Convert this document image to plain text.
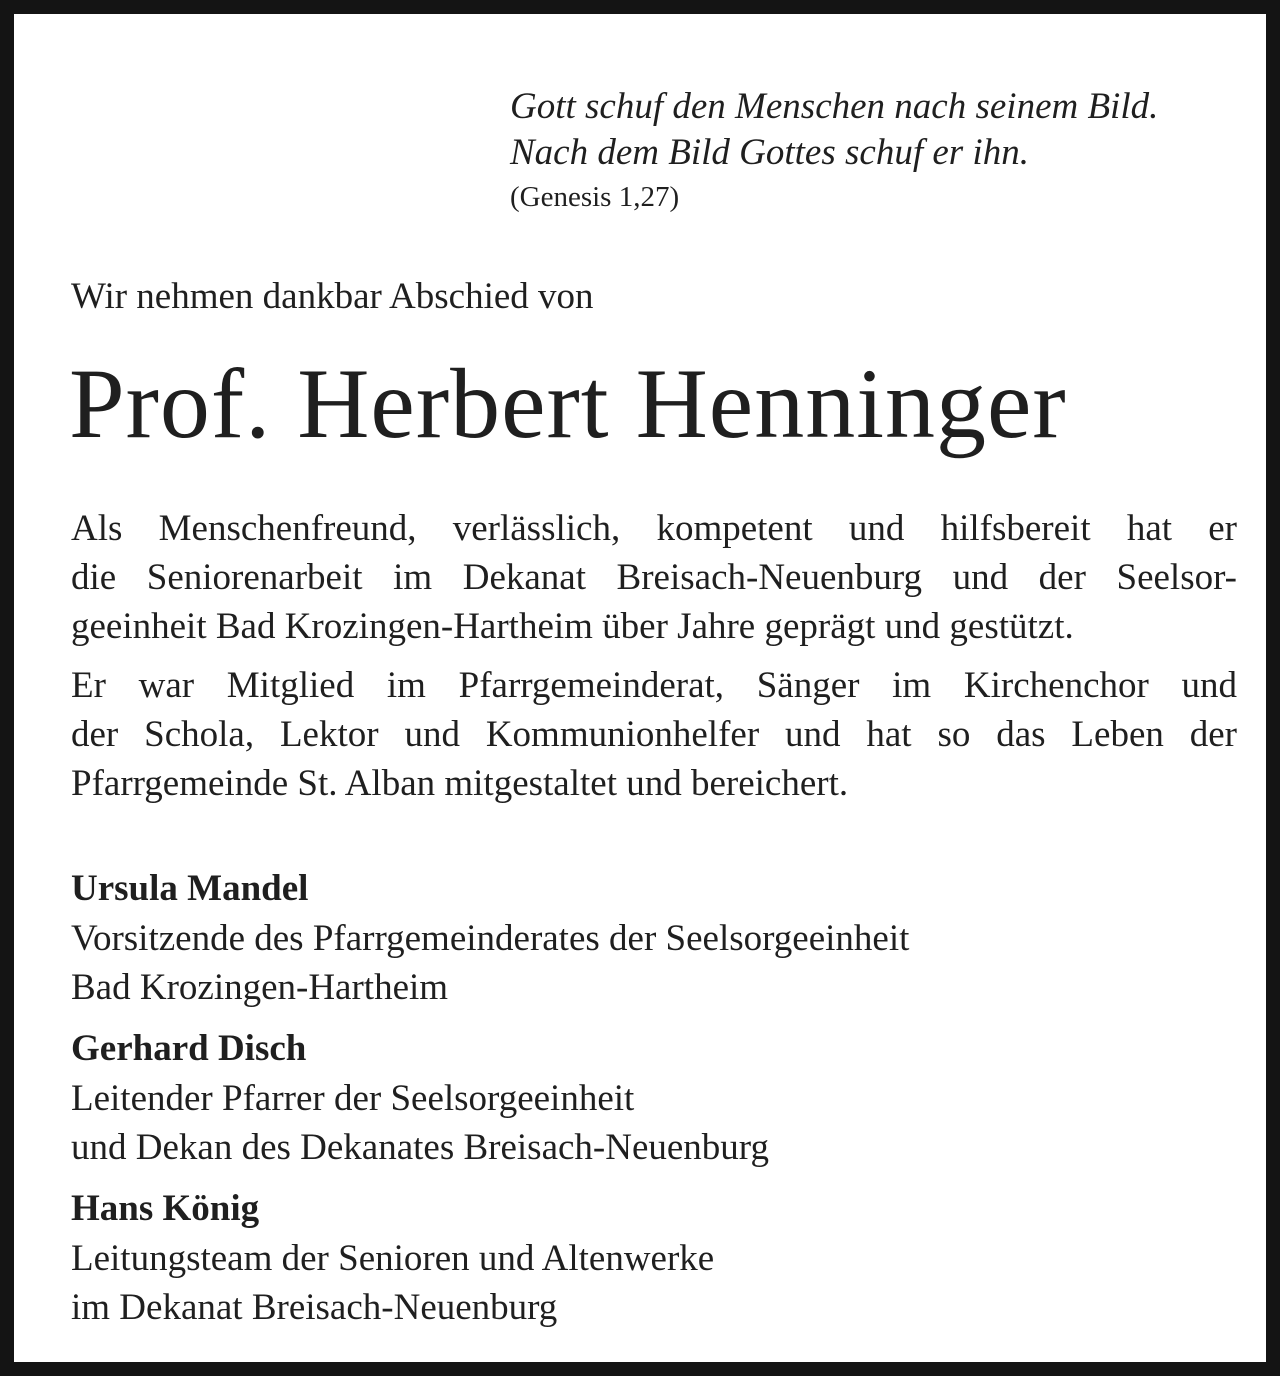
Gott schuf den Menschen nach seinem Bild.
Nach dem Bild Gottes schuf er ihn.
(Genesis 1,27)
Wir nehmen dankbar Abschied von
Prof. Herbert Henninger
Als Menschenfreund, verlässlich, kompetent und hilfsbereit hat er
die Seniorenarbeit im Dekanat Breisach-Neuenburg und der Seelsor-
geeinheit Bad Krozingen-Hartheim über Jahre geprägt und gestützt.
Er war Mitglied im Pfarrgemeinderat, Sänger im Kirchenchor und
der Schola, Lektor und Kommunionhelfer und hat so das Leben der
Pfarrgemeinde St. Alban mitgestaltet und bereichert.
Ursula Mandel
Vorsitzende des Pfarrgemeinderates der Seelsorgeeinheit
Bad Krozingen-Hartheim
Gerhard Disch
Leitender Pfarrer der Seelsorgeeinheit
und Dekan des Dekanates Breisach-Neuenburg
Hans König
Leitungsteam der Senioren und Altenwerke
im Dekanat Breisach-Neuenburg
